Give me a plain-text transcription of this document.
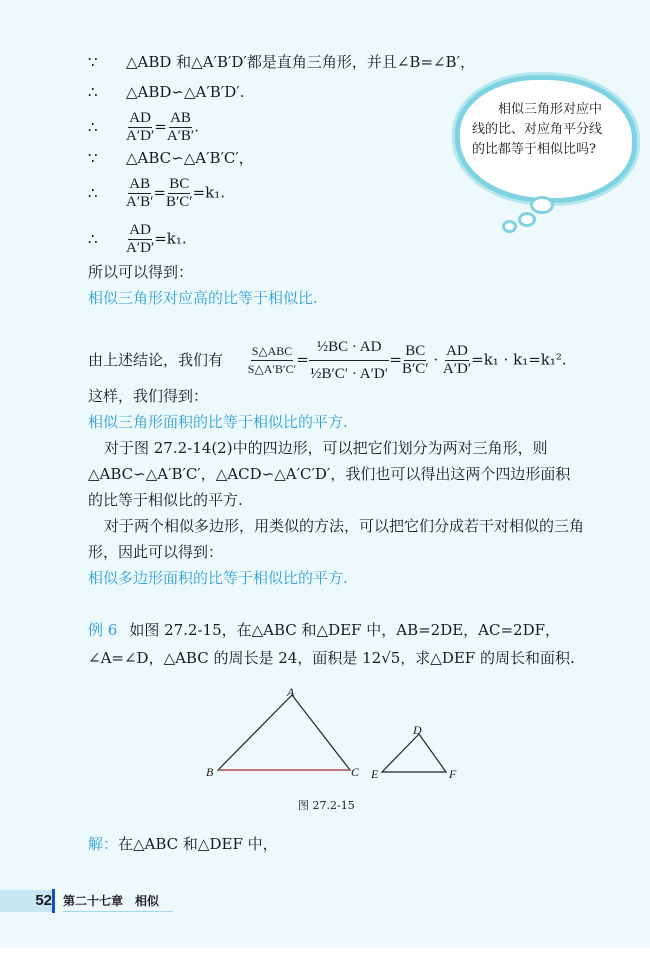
∵ △ABD 和△A′B′D′都是直角三角形，并且∠B=∠B′，
∴ △ABD∽△A′B′D′.
∴ $\frac{AD}{A'D'} = \frac{AB}{A'B'}$ .
∵ △ABC∽△A′B′C′，
∴ $\frac{AB}{A'B'} = \frac{BC}{B'C'} =k_1$.
∴ $\frac{AD}{A'D'} =k_1$.
相似三角形对应中线的比、对应角平分线的比都等于相似比吗?
所以可以得到：
相似三角形对应高的比等于相似比.
由上述结论，我们有 $\frac{\text{S△ABC}}{S\triangle A'B'C'} = \frac{\text{½BC · AD}}{\text{½B′C′ · A′D′}} = \frac{BC}{B'C'} \cdot \frac{AD}{A'D'} =k_1 \cdot k_1=k_1^2$.
这样，我们得到：
相似三角形面积的比等于相似比的平方.
对于图 27.2-14(2)中的四边形，可以把它们划分为两对三角形，则
△ABC∽△A′B′C′，△ACD∽△A′C′D′，我们也可以得出这两个四边形面积
的比等于相似比的平方.
对于两个相似多边形，用类似的方法，可以把它们分成若干对相似的三角
形，因此可以得到：
相似多边形面积的比等于相似比的平方.
例 6 如图 27.2-15，在△ABC 和△DEF 中，AB=2DE，AC=2DF，
∠A=∠D，△ABC 的周长是 24，面积是 12√5，求△DEF 的周长和面积.
A
B	C
D
E	F
图 27.2-15
解：在△ABC 和△DEF 中，
52 第二十七章　相似
